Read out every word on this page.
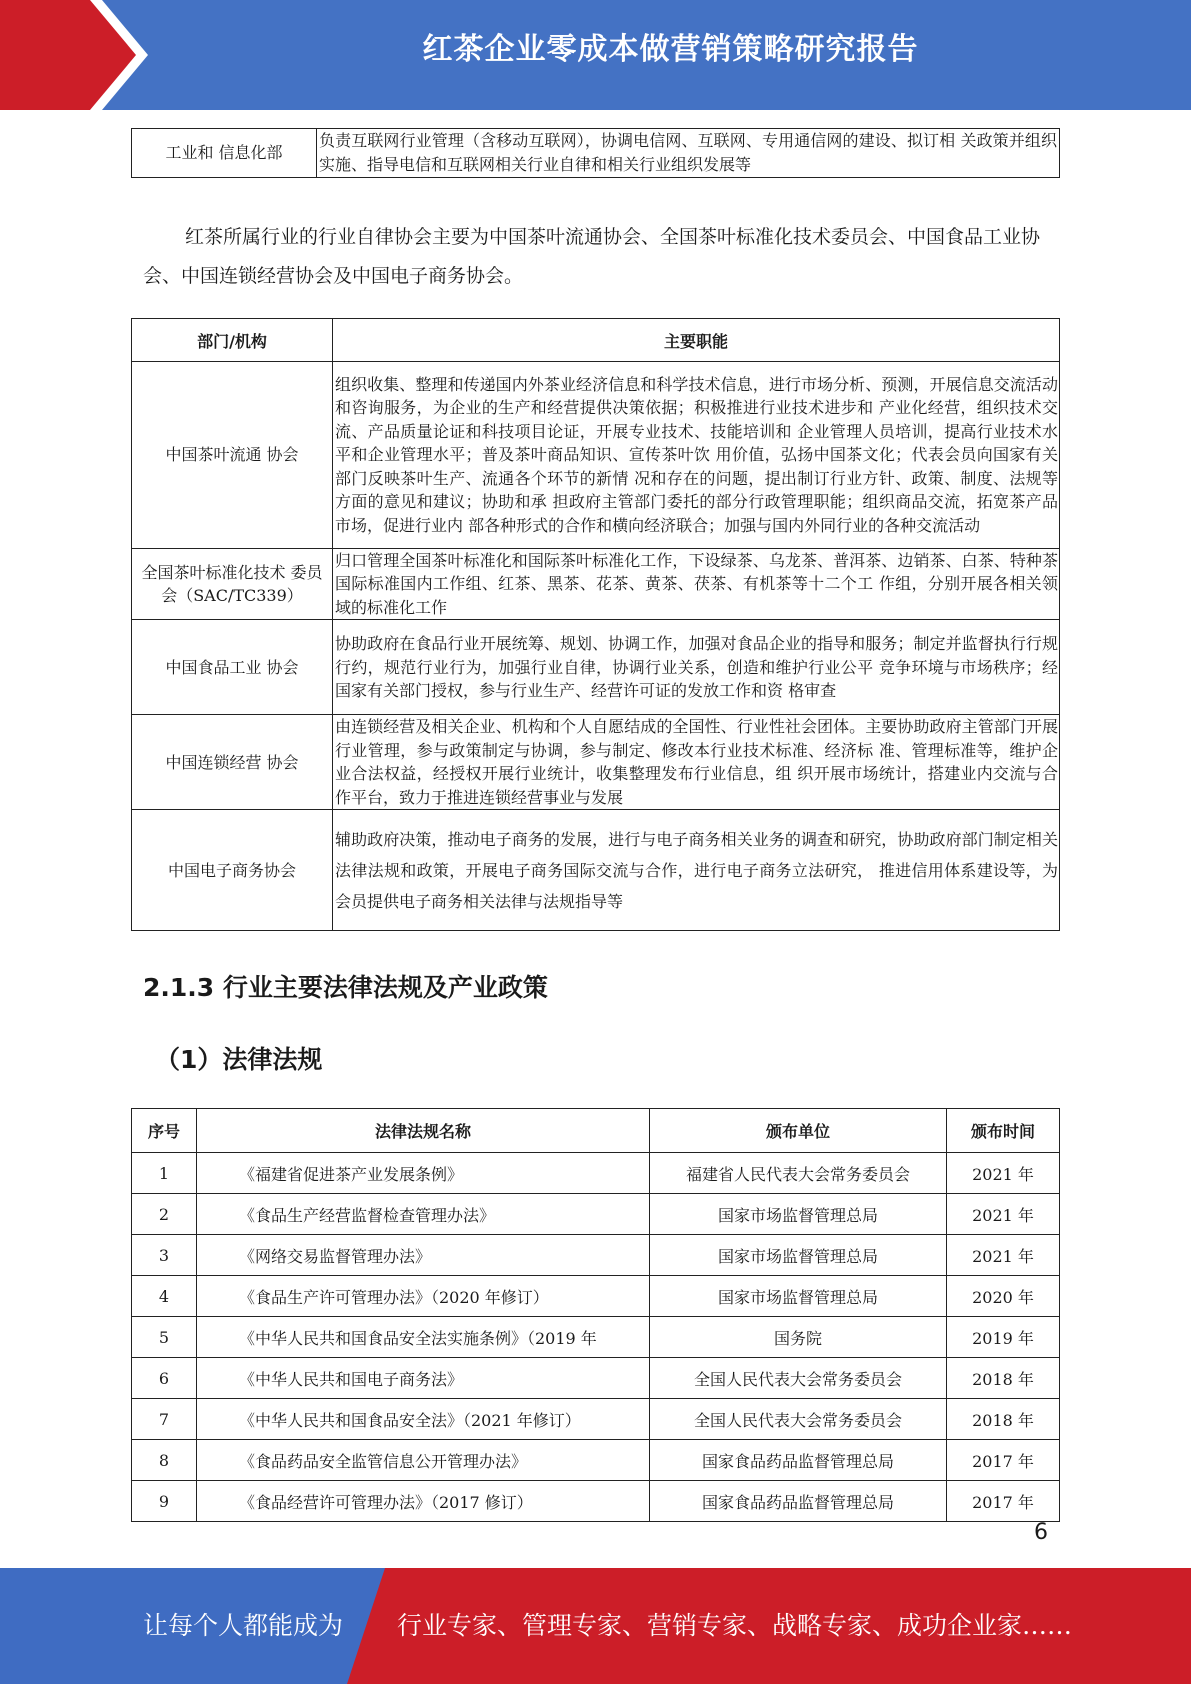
红茶企业零成本做营销策略研究报告
工业和 信息化部	负责互联网行业管理（含移动互联网），协调电信网、互联网、专用通信网的建设、拟订相 关政策并组织实施、指导电信和互联网相关行业自律和相关行业组织发展等
红茶所属行业的行业自律协会主要为中国茶叶流通协会、全国茶叶标准化技术委员会、中国食品工业协会、中国连锁经营协会及中国电子商务协会。
部门/机构	主要职能
中国茶叶流通 协会	组织收集、整理和传递国内外茶业经济信息和科学技术信息，进行市场分析、预测，开展信息交流活动和咨询服务，为企业的生产和经营提供决策依据；积极推进行业技术进步和 产业化经营，组织技术交流、产品质量论证和科技项目论证，开展专业技术、技能培训和 企业管理人员培训，提高行业技术水平和企业管理水平；普及茶叶商品知识、宣传茶叶饮 用价值，弘扬中国茶文化；代表会员向国家有关部门反映茶叶生产、流通各个环节的新情 况和存在的问题，提出制订行业方针、政策、制度、法规等方面的意见和建议；协助和承 担政府主管部门委托的部分行政管理职能；组织商品交流，拓宽茶产品市场，促进行业内 部各种形式的合作和横向经济联合；加强与国内外同行业的各种交流活动
全国茶叶标准化技术 委员会（SAC/TC339）	归口管理全国茶叶标准化和国际茶叶标准化工作，下设绿茶、乌龙茶、普洱茶、边销茶、白茶、特种茶国际标准国内工作组、红茶、黑茶、花茶、黄茶、茯茶、有机茶等十二个工 作组，分别开展各相关领域的标准化工作
中国食品工业 协会	协助政府在食品行业开展统筹、规划、协调工作，加强对食品企业的指导和服务；制定并监督执行行规行约，规范行业行为，加强行业自律，协调行业关系，创造和维护行业公平 竞争环境与市场秩序；经国家有关部门授权，参与行业生产、经营许可证的发放工作和资 格审查
中国连锁经营 协会	由连锁经营及相关企业、机构和个人自愿结成的全国性、行业性社会团体。主要协助政府主管部门开展行业管理，参与政策制定与协调，参与制定、修改本行业技术标准、经济标 准、管理标准等，维护企业合法权益，经授权开展行业统计，收集整理发布行业信息，组 织开展市场统计，搭建业内交流与合作平台，致力于推进连锁经营事业与发展
中国电子商务协会	辅助政府决策，推动电子商务的发展，进行与电子商务相关业务的调查和研究，协助政府部门制定相关法律法规和政策，开展电子商务国际交流与合作，进行电子商务立法研究， 推进信用体系建设等，为会员提供电子商务相关法律与法规指导等
2.1.3 行业主要法律法规及产业政策
（1）法律法规
序号	法律法规名称	颁布单位	颁布时间
1	《福建省促进茶产业发展条例》	福建省人民代表大会常务委员会	2021 年
2	《食品生产经营监督检查管理办法》	国家市场监督管理总局	2021 年
3	《网络交易监督管理办法》	国家市场监督管理总局	2021 年
4	《食品生产许可管理办法》（2020 年修订）	国家市场监督管理总局	2020 年
5	《中华人民共和国食品安全法实施条例》（2019 年	国务院	2019 年
6	《中华人民共和国电子商务法》	全国人民代表大会常务委员会	2018 年
7	《中华人民共和国食品安全法》（2021 年修订）	全国人民代表大会常务委员会	2018 年
8	《食品药品安全监管信息公开管理办法》	国家食品药品监督管理总局	2017 年
9	《食品经营许可管理办法》（2017 修订）	国家食品药品监督管理总局	2017 年
6
让每个人都能成为 行业专家、管理专家、营销专家、战略专家、成功企业家……
